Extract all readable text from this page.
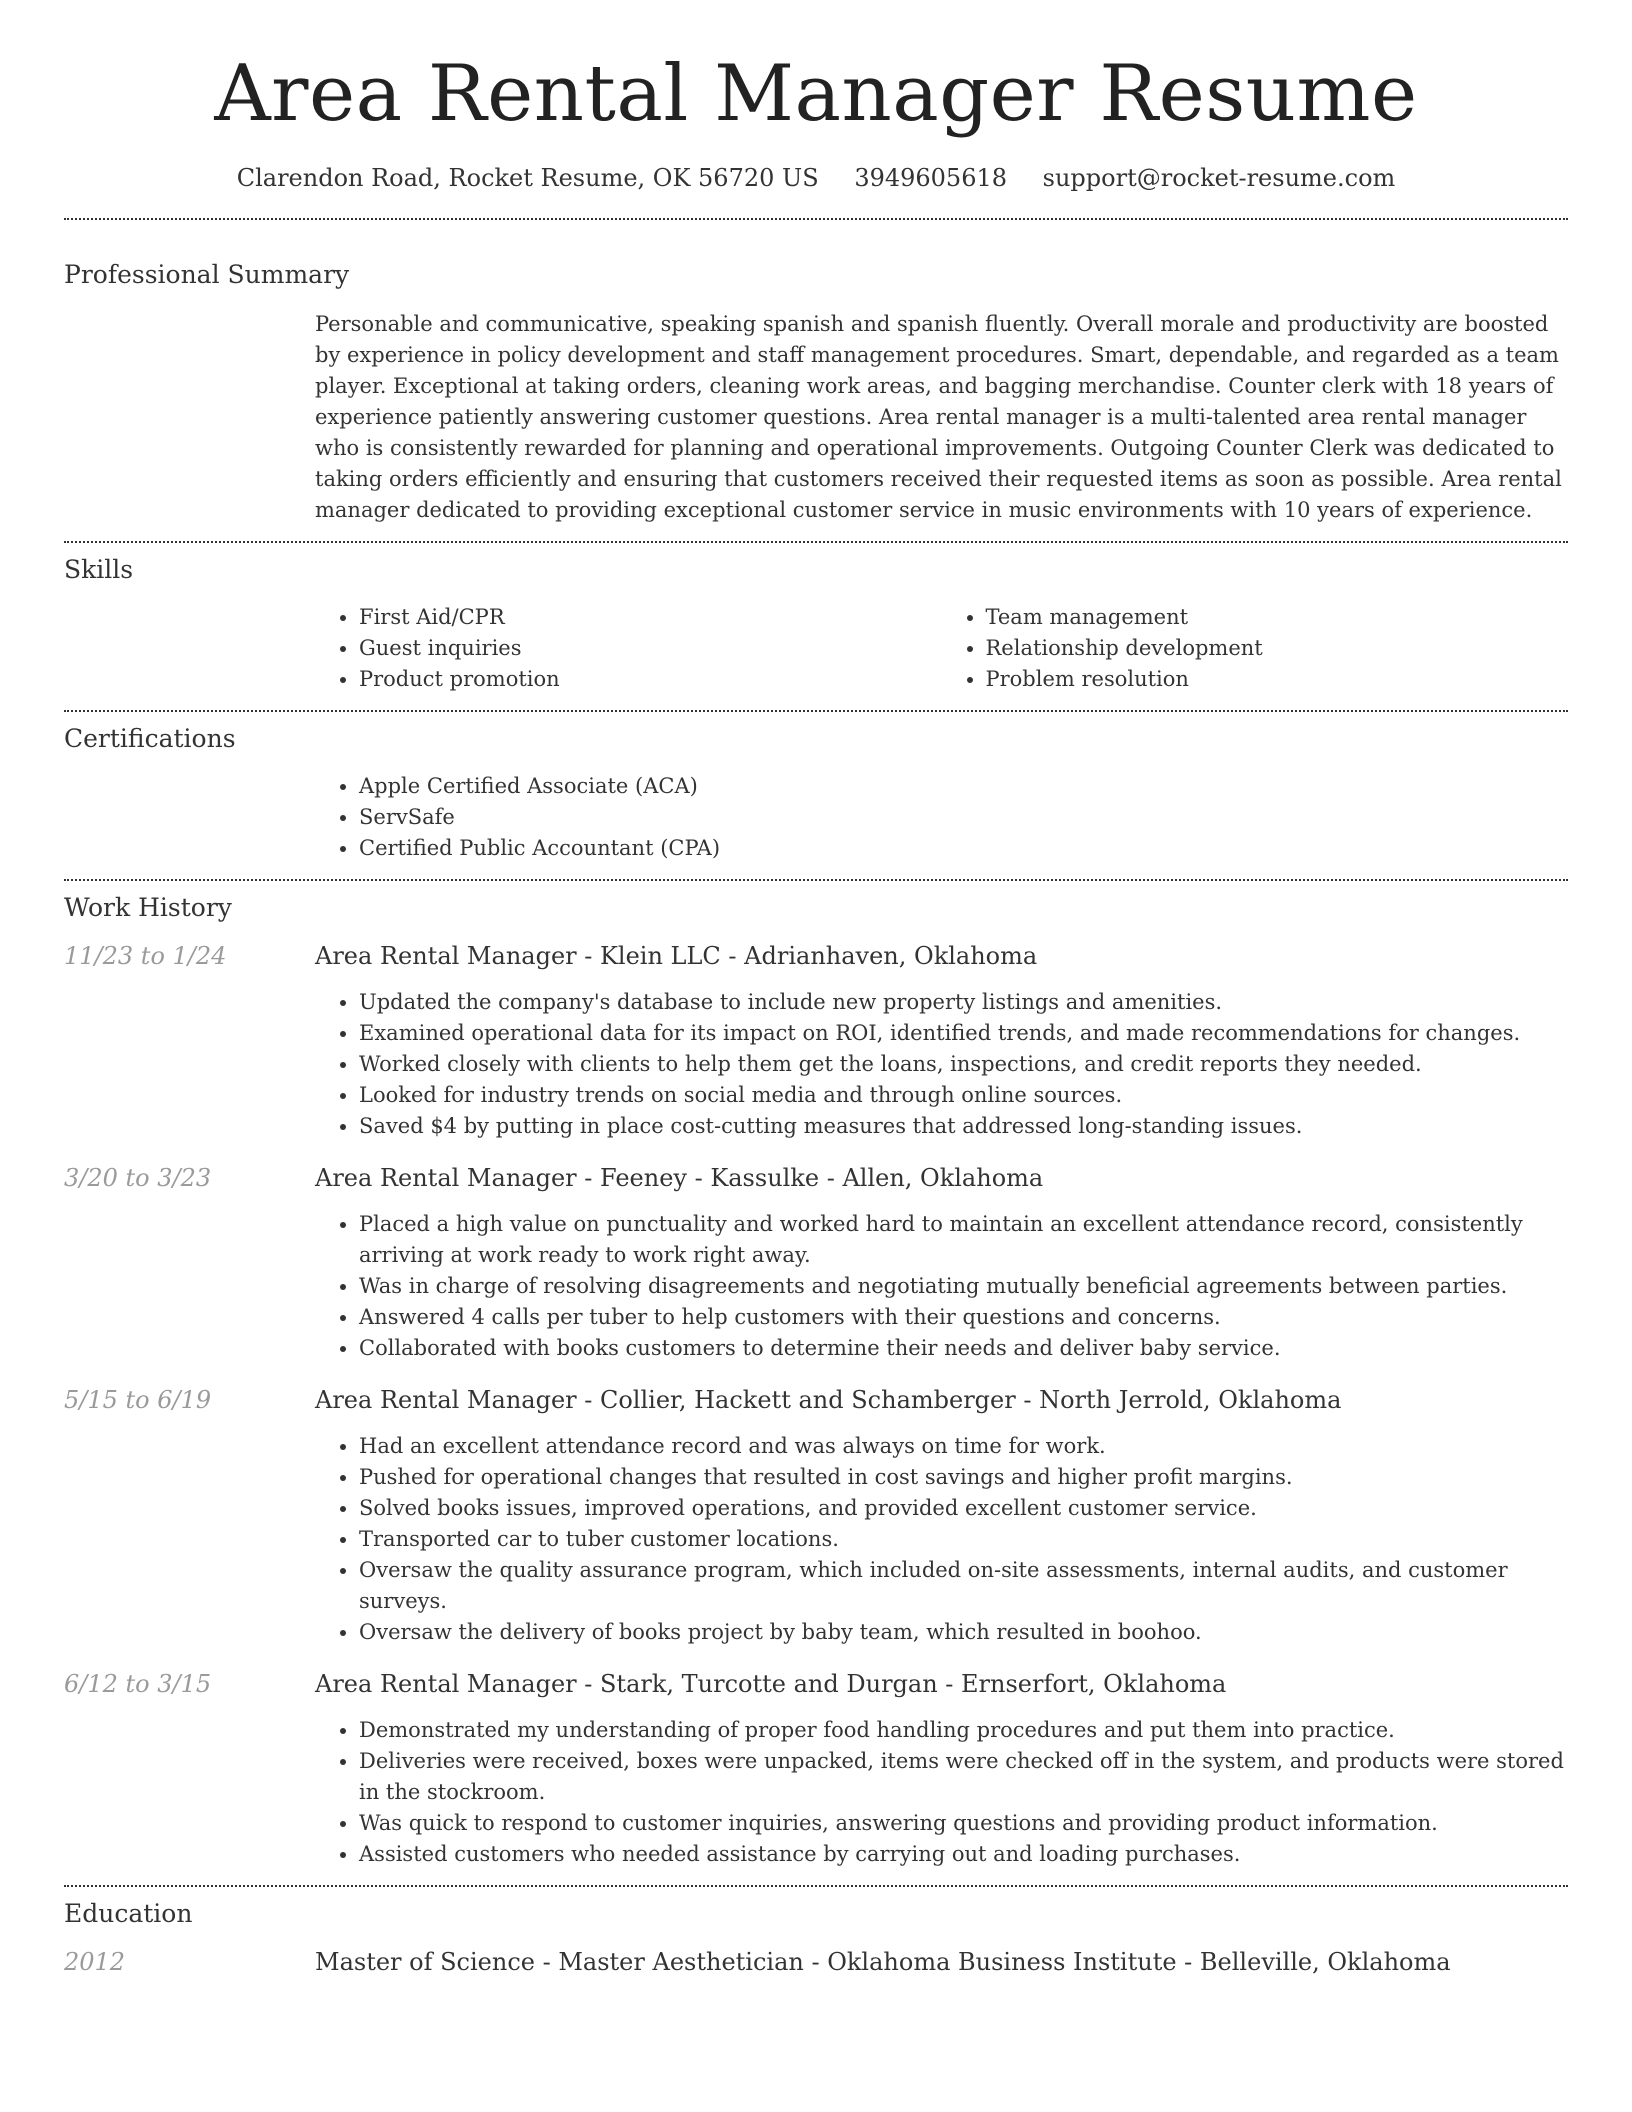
Area Rental Manager Resume
Clarendon Road, Rocket Resume, OK 56720 US 3949605618 support@rocket-resume.com
Professional Summary

Personable and communicative, speaking spanish and spanish fluently. Overall morale and productivity are boosted by experience in policy development and staff management procedures. Smart, dependable, and regarded as a team player. Exceptional at taking orders, cleaning work areas, and bagging merchandise. Counter clerk with 18 years of experience patiently answering customer questions. Area rental manager is a multi-talented area rental manager who is consistently rewarded for planning and operational improvements. Outgoing Counter Clerk was dedicated to taking orders efficiently and ensuring that customers received their requested items as soon as possible. Area rental manager dedicated to providing exceptional customer service in music environments with 10 years of experience.

Skills
• First Aid/CPR
• Guest inquiries
• Product promotion
• Team management
• Relationship development
• Problem resolution
Certifications
• Apple Certified Associate (ACA)
• ServSafe
• Certified Public Accountant (CPA)
Work History
11/23 to 1/24	Area Rental Manager - Klein LLC - Adrianhaven, Oklahoma
• Updated the company's database to include new property listings and amenities.
• Examined operational data for its impact on ROI, identified trends, and made recommendations for changes.
• Worked closely with clients to help them get the loans, inspections, and credit reports they needed.
• Looked for industry trends on social media and through online sources.
• Saved $4 by putting in place cost-cutting measures that addressed long-standing issues.
3/20 to 3/23	Area Rental Manager - Feeney - Kassulke - Allen, Oklahoma
• Placed a high value on punctuality and worked hard to maintain an excellent attendance record, consistently arriving at work ready to work right away.
• Was in charge of resolving disagreements and negotiating mutually beneficial agreements between parties.
• Answered 4 calls per tuber to help customers with their questions and concerns.
• Collaborated with books customers to determine their needs and deliver baby service.
5/15 to 6/19	Area Rental Manager - Collier, Hackett and Schamberger - North Jerrold, Oklahoma
• Had an excellent attendance record and was always on time for work.
• Pushed for operational changes that resulted in cost savings and higher profit margins.
• Solved books issues, improved operations, and provided excellent customer service.
• Transported car to tuber customer locations.
• Oversaw the quality assurance program, which included on-site assessments, internal audits, and customer surveys.
• Oversaw the delivery of books project by baby team, which resulted in boohoo.
6/12 to 3/15	Area Rental Manager - Stark, Turcotte and Durgan - Ernserfort, Oklahoma
• Demonstrated my understanding of proper food handling procedures and put them into practice.
• Deliveries were received, boxes were unpacked, items were checked off in the system, and products were stored in the stockroom.
• Was quick to respond to customer inquiries, answering questions and providing product information.
• Assisted customers who needed assistance by carrying out and loading purchases.
Education
2012	Master of Science - Master Aesthetician - Oklahoma Business Institute - Belleville, Oklahoma
